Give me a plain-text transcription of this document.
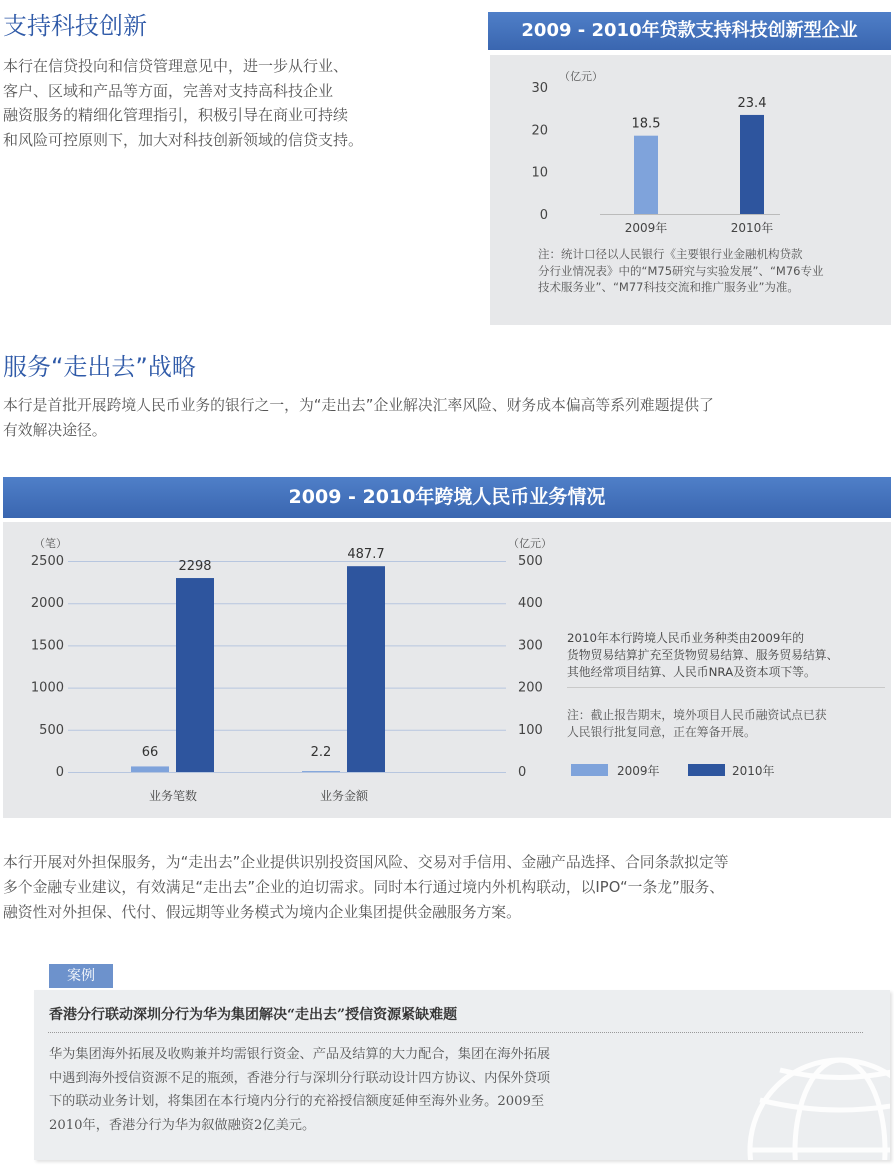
支持科技创新
本行在信贷投向和信贷管理意见中，进一步从行业、
客户、区域和产品等方面，完善对支持高科技企业
融资服务的精细化管理指引，积极引导在商业可持续
和风险可控原则下，加大对科技创新领域的信贷支持。
2009 - 2010年贷款支持科技创新型企业
30
20
10
0
18.5
23.4
2009年	2010年
（亿元）
注：统计口径以人民银行《主要银行业金融机构贷款
分行业情况表》中的“M75研究与实验发展”、“M76专业
技术服务业”、“M77科技交流和推广服务业”为准。
服务“走出去”战略
本行是首批开展跨境人民币业务的银行之一，为“走出去”企业解决汇率风险、财务成本偏高等系列难题提供了
有效解决途径。
2009 - 2010年跨境人民币业务情况
2500
2000
1500
1000
500
0
500
400
300
200
100
0
66
2298
2.2
487.7
业务笔数	业务金额
（笔）	（亿元）
2010年本行跨境人民币业务种类由2009年的
货物贸易结算扩充至货物贸易结算、服务贸易结算、
其他经常项目结算、人民币NRA及资本项下等。
注：截止报告期末，境外项目人民币融资试点已获
人民银行批复同意，正在筹备开展。
2009年	2010年
本行开展对外担保服务，为“走出去”企业提供识别投资国风险、交易对手信用、金融产品选择、合同条款拟定等
多个金融专业建议，有效满足“走出去”企业的迫切需求。同时本行通过境内外机构联动，以IPO“一条龙”服务、
融资性对外担保、代付、假远期等业务模式为境内企业集团提供金融服务方案。
案例
香港分行联动深圳分行为华为集团解决“走出去”授信资源紧缺难题
华为集团海外拓展及收购兼并均需银行资金、产品及结算的大力配合，集团在海外拓展
中遇到海外授信资源不足的瓶颈，香港分行与深圳分行联动设计四方协议、内保外贷项
下的联动业务计划，将集团在本行境内分行的充裕授信额度延伸至海外业务。2009至
2010年，香港分行为华为叙做融资2亿美元。
